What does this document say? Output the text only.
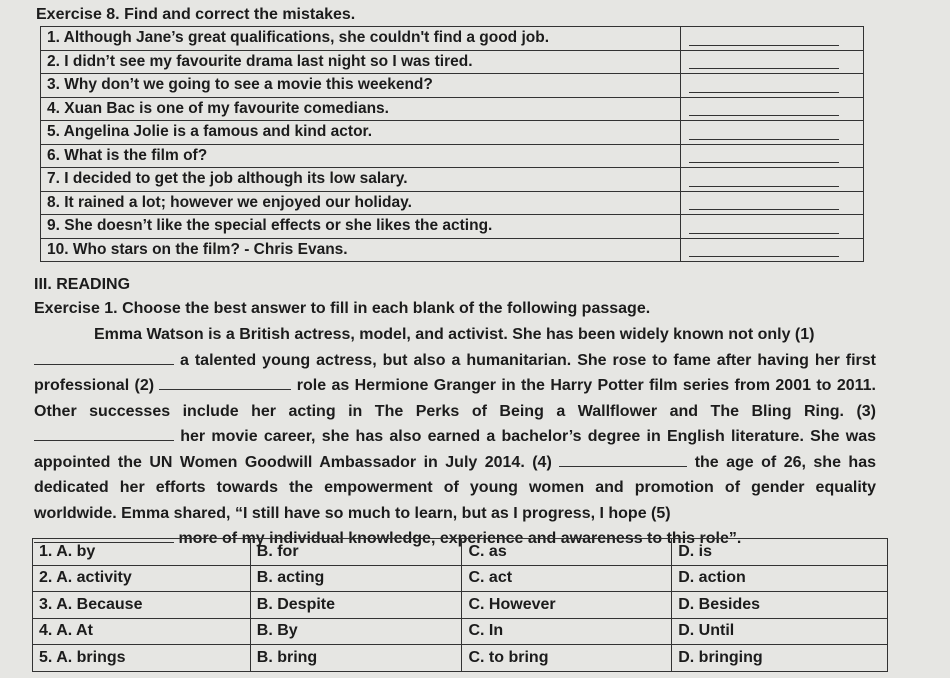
Exercise 8. Find and correct the mistakes.
1. Although Jane’s great qualifications, she couldn't find a good job.	

2. I didn’t see my favourite drama last night so I was tired.	

3. Why don’t we going to see a movie this weekend?	

4. Xuan Bac is one of my favourite comedians.	

5. Angelina Jolie is a famous and kind actor.	

6. What is the film of?	

7. I decided to get the job although its low salary.	

8. It rained a lot; however we enjoyed our holiday.	

9. She doesn’t like the special effects or she likes the acting.	

10. Who stars on the film? - Chris Evans.	
III. READING
Exercise 1. Choose the best answer to fill in each blank of the following passage.
Emma Watson is a British actress, model, and activist. She has been widely known not only (1)
a talented young actress, but also a humanitarian. She rose to fame after having her first professional (2)	role as Hermione Granger in the Harry Potter film series from 2001 to 2011. Other successes include her acting in The Perks of Being a Wallflower and The Bling Ring. (3)  her movie career, she has also earned a bachelor’s degree in English literature. She was appointed the UN Women Goodwill Ambassador in July 2014. (4)	the age of 26, she has dedicated her efforts towards the empowerment of young women and promotion of gender equality worldwide. Emma shared, “I still have so much to learn, but as I progress, I hope (5)
more of my individual knowledge, experience and awareness to this role”.
1. A. by	B. for	C. as	D. is
2. A. activity	B. acting	C. act	D. action
3. A. Because	B. Despite	C. However	D. Besides
4. A. At	B. By	C. In	D. Until
5. A. brings	B. bring	C. to bring	D. bringing
